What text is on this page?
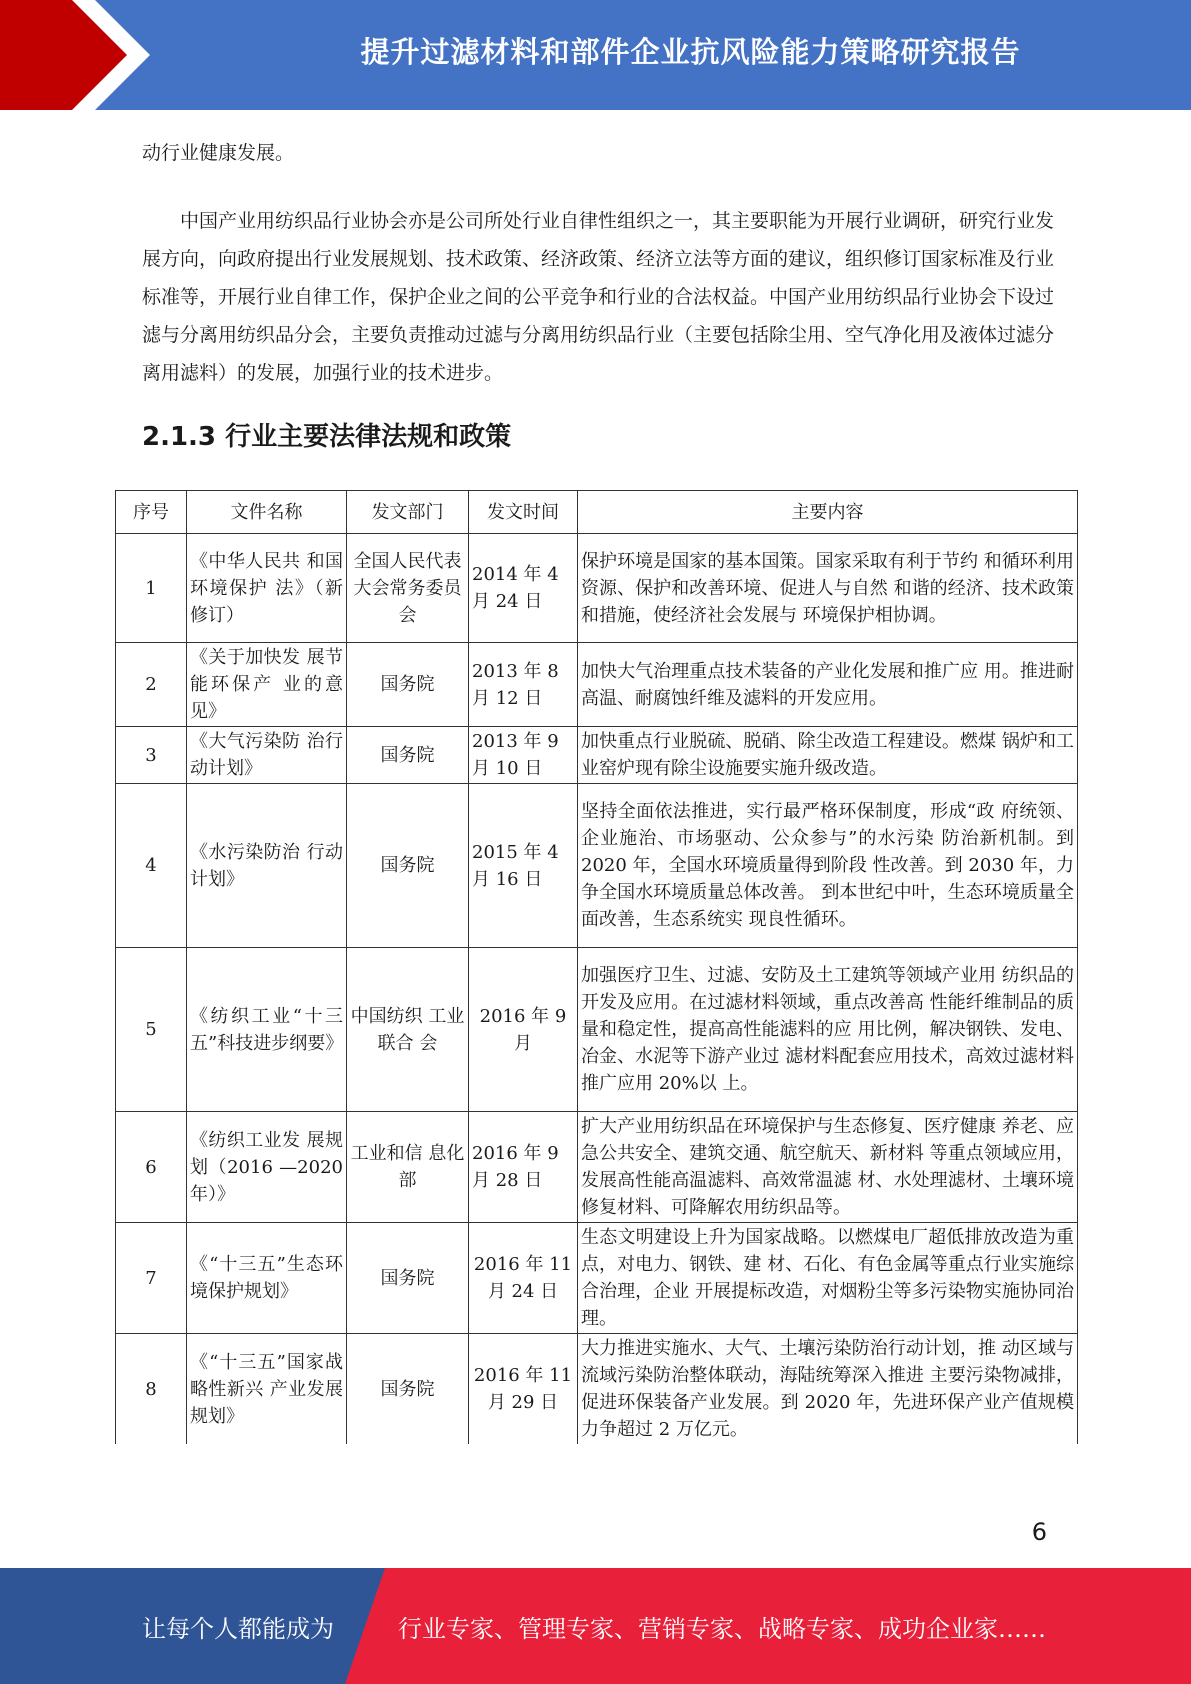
提升过滤材料和部件企业抗风险能力策略研究报告

动行业健康发展。

中国产业用纺织品行业协会亦是公司所处行业自律性组织之一，其主要职能为开展行业调研，研究行业发展方向，向政府提出行业发展规划、技术政策、经济政策、经济立法等方面的建议，组织修订国家标准及行业标准等，开展行业自律工作，保护企业之间的公平竞争和行业的合法权益。中国产业用纺织品行业协会下设过滤与分离用纺织品分会，主要负责推动过滤与分离用纺织品行业（主要包括除尘用、空气净化用及液体过滤分离用滤料）的发展，加强行业的技术进步。

2.1.3 行业主要法律法规和政策
序号	文件名称	发文部门	发文时间	主要内容
1	《中华人民共 和国环境保护 法》（新修订）	全国人民代表大会常务委员会	2014 年 4 月 24 日	保护环境是国家的基本国策。国家采取有利于节约 和循环利用资源、保护和改善环境、促进人与自然 和谐的经济、技术政策和措施，使经济社会发展与 环境保护相协调。
2	《关于加快发 展节能环保产 业的意见》	国务院	2013 年 8 月 12 日	加快大气治理重点技术装备的产业化发展和推广应 用。推进耐高温、耐腐蚀纤维及滤料的开发应用。
3	《大气污染防 治行动计划》	国务院	2013 年 9 月 10 日	加快重点行业脱硫、脱硝、除尘改造工程建设。燃煤 锅炉和工业窑炉现有除尘设施要实施升级改造。
4	《水污染防治 行动计划》	国务院	2015 年 4 月 16 日	坚持全面依法推进，实行最严格环保制度，形成“政 府统领、企业施治、市场驱动、公众参与”的水污染 防治新机制。到 2020 年，全国水环境质量得到阶段 性改善。到 2030 年，力争全国水环境质量总体改善。 到本世纪中叶，生态环境质量全面改善，生态系统实 现良性循环。
5	《纺织工业“十三五”科技进步纲要》	中国纺织 工业联合 会	2016 年 9 月	加强医疗卫生、过滤、安防及土工建筑等领域产业用 纺织品的开发及应用。在过滤材料领域，重点改善高 性能纤维制品的质量和稳定性，提高高性能滤料的应 用比例，解决钢铁、发电、冶金、水泥等下游产业过 滤材料配套应用技术，高效过滤材料推广应用 20%以 上。
6	《纺织工业发 展规划（2016 —2020 年）》	工业和信 息化部	2016 年 9 月 28 日	扩大产业用纺织品在环境保护与生态修复、医疗健康 养老、应急公共安全、建筑交通、航空航天、新材料 等重点领域应用，发展高性能高温滤料、高效常温滤 材、水处理滤材、土壤环境修复材料、可降解农用纺织品等。
7	《“十三五”生态环境保护规划》	国务院	2016 年 11 月 24 日	生态文明建设上升为国家战略。以燃煤电厂超低排放改造为重点，对电力、钢铁、建 材、石化、有色金属等重点行业实施综合治理，企业 开展提标改造，对烟粉尘等多污染物实施协同治理。
8	《“十三五”国家战略性新兴 产业发展规划》	国务院	2016 年 11 月 29 日	大力推进实施水、大气、土壤污染防治行动计划，推 动区域与流域污染防治整体联动，海陆统筹深入推进 主要污染物减排，促进环保装备产业发展。到 2020 年，先进环保产业产值规模力争超过 2 万亿元。
6
让每个人都能成为	行业专家、管理专家、营销专家、战略专家、成功企业家……
